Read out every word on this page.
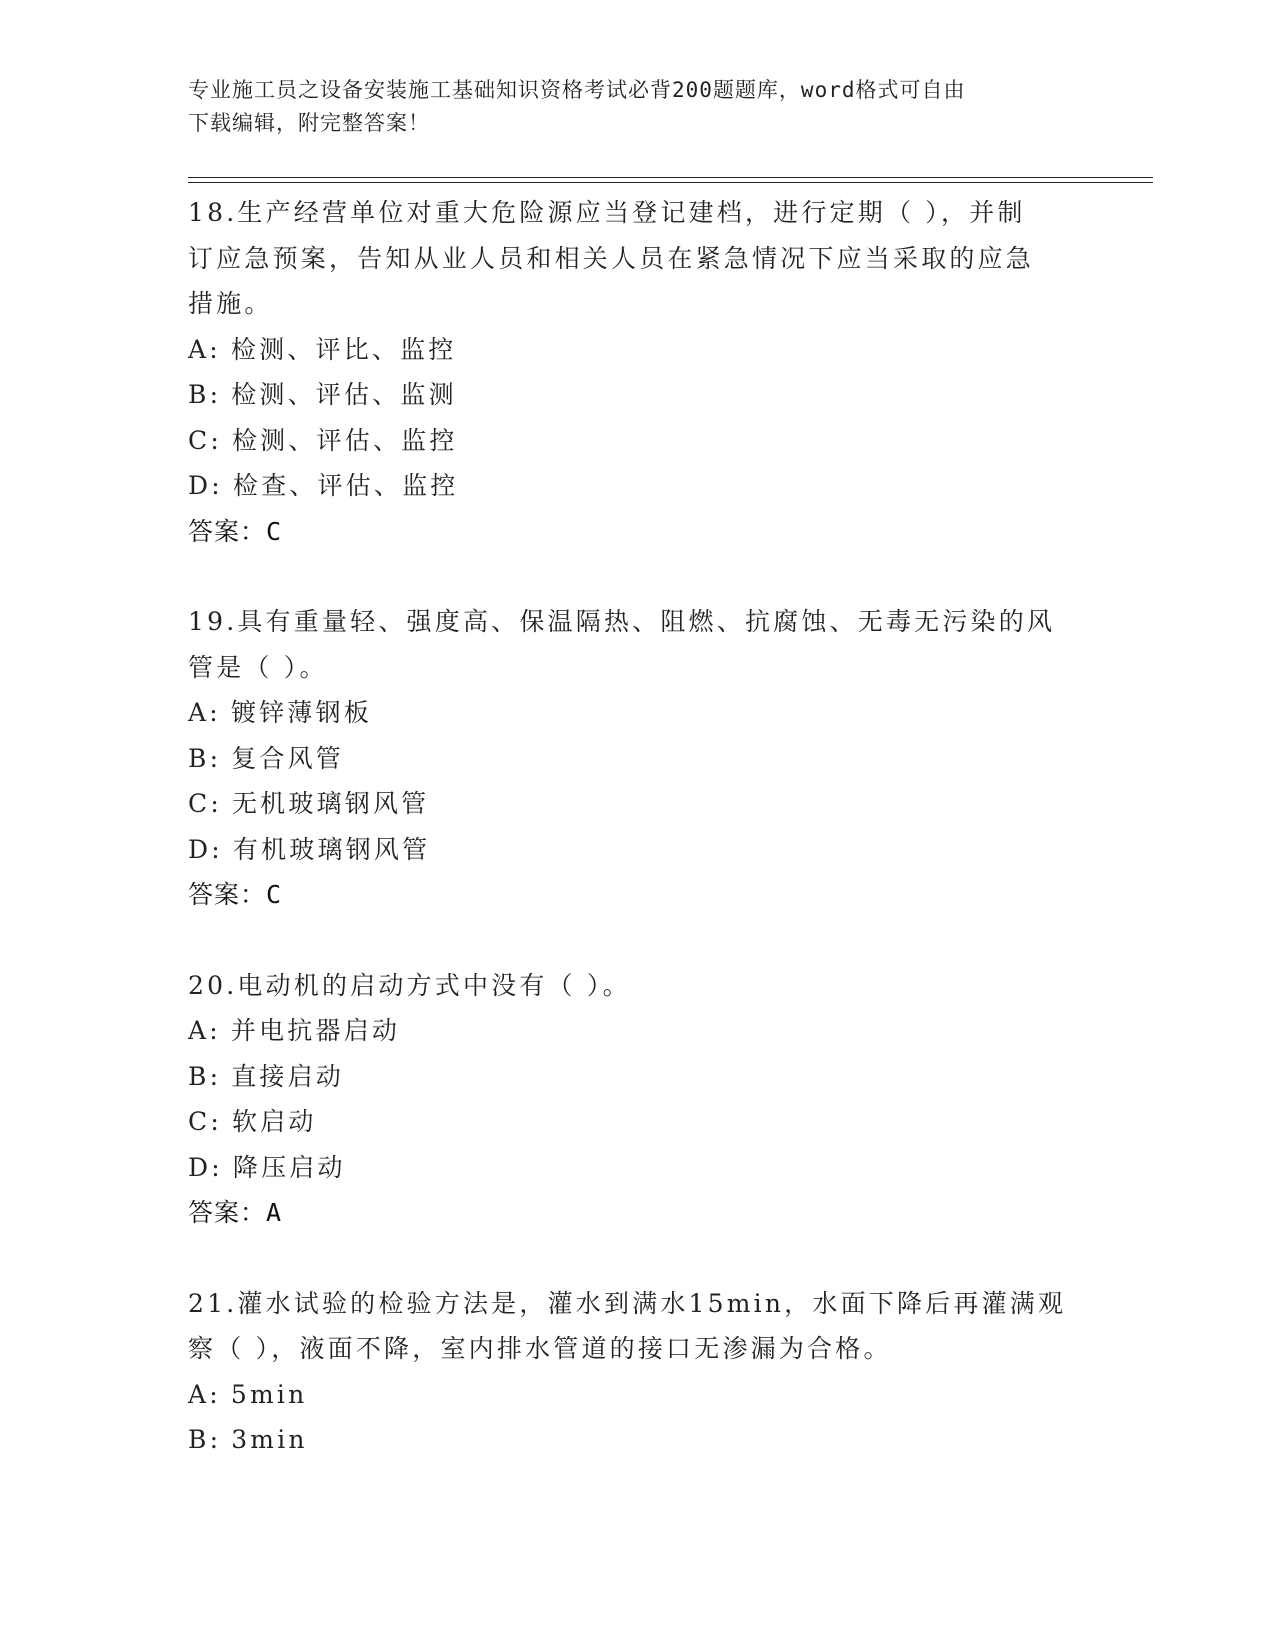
专业施工员之设备安装施工基础知识资格考试必背200题题库，word格式可自由
下载编辑，附完整答案！

18.生产经营单位对重大危险源应当登记建档，进行定期（ ），并制

订应急预案，告知从业人员和相关人员在紧急情况下应当采取的应急

措施。

A: 检测、评比、监控

B: 检测、评估、监测

C: 检测、评估、监控

D: 检查、评估、监控

答案：C

19.具有重量轻、强度高、保温隔热、阻燃、抗腐蚀、无毒无污染的风

管是（ ）。

A: 镀锌薄钢板

B: 复合风管

C: 无机玻璃钢风管

D: 有机玻璃钢风管

答案：C

20.电动机的启动方式中没有（ ）。

A: 并电抗器启动

B: 直接启动

C: 软启动

D: 降压启动

答案：A

21.灌水试验的检验方法是，灌水到满水15min，水面下降后再灌满观

察（ ），液面不降，室内排水管道的接口无渗漏为合格。

A: 5min

B: 3min
